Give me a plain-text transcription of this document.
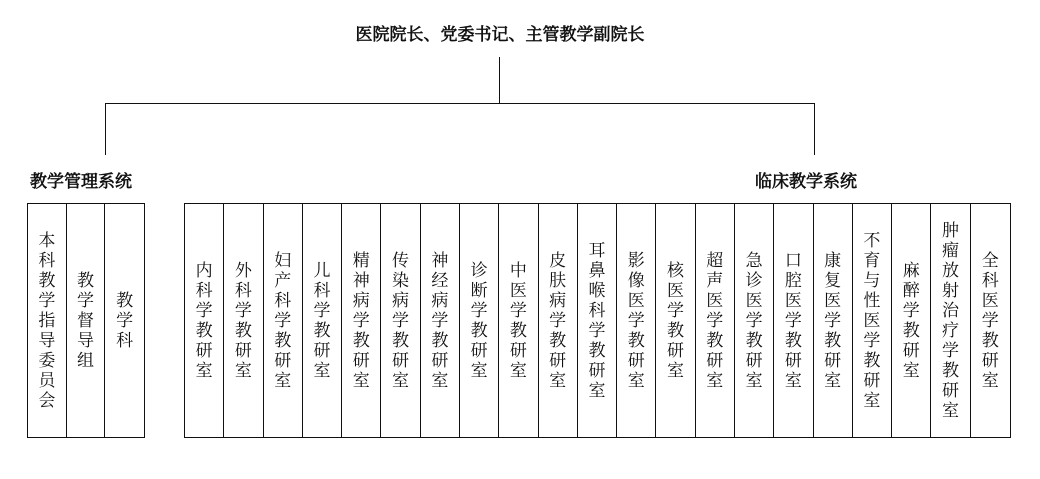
医院院长、党委书记、主管教学副院长
教学管理系统	临床教学系统
本科教学指导委员会
教学督导组
教学科
内科学教研室
外科学教研室
妇产科学教研室
儿科学教研室
精神病学教研室
传染病学教研室
神经病学教研室
诊断学教研室
中医学教研室
皮肤病学教研室
耳鼻喉科学教研室
影像医学教研室
核医学教研室
超声医学教研室
急诊医学教研室
口腔医学教研室
康复医学教研室
不育与性医学教研室
麻醉学教研室
肿瘤放射治疗学教研室
全科医学教研室
